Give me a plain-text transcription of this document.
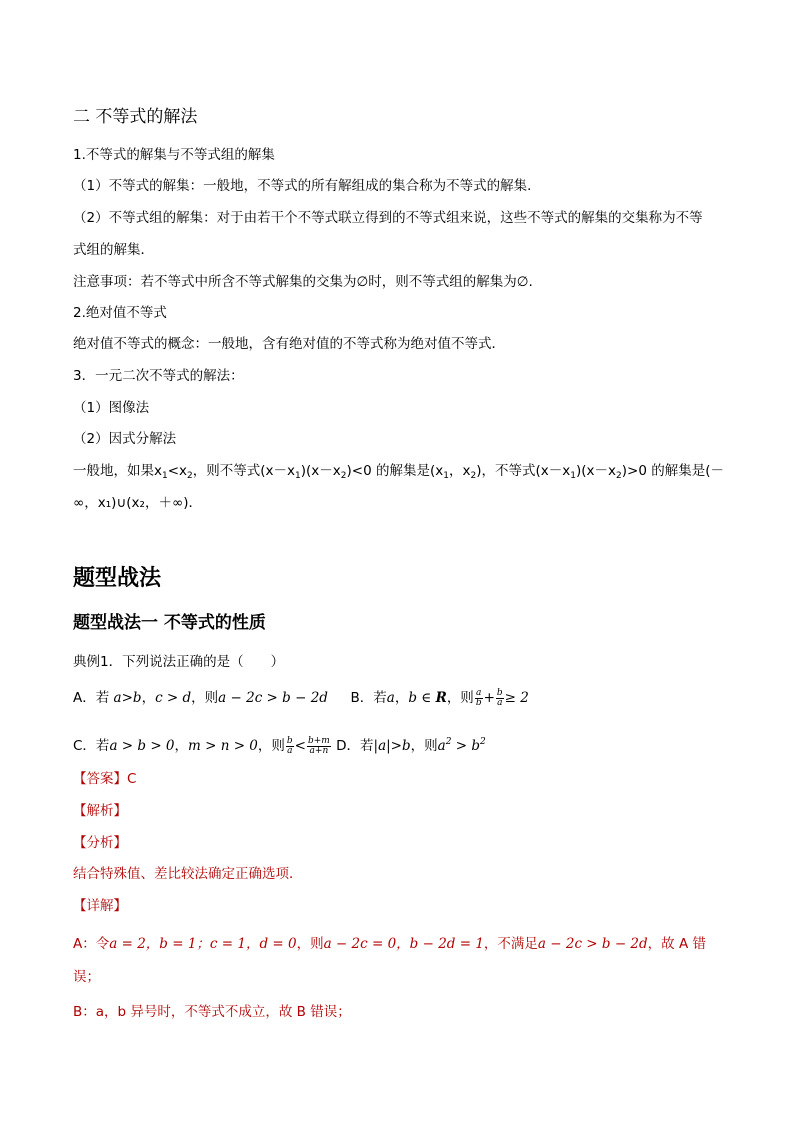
二 不等式的解法
1.不等式的解集与不等式组的解集
（1）不等式的解集：一般地，不等式的所有解组成的集合称为不等式的解集．
（2）不等式组的解集：对于由若干个不等式联立得到的不等式组来说，这些不等式的解集的交集称为不等
式组的解集．
注意事项：若不等式中所含不等式解集的交集为∅时，则不等式组的解集为∅.
2.绝对值不等式
绝对值不等式的概念：一般地，含有绝对值的不等式称为绝对值不等式．
3．一元二次不等式的解法：
（1）图像法
（2）因式分解法
一般地，如果$x_1<x_2$，则不等式$(x-x_1)(x-x_2)<0$ 的解集是($x_1$，$x_2$)，不等式$(x-x_1)(x-x_2)>0$ 的解集是(－
∞，x₁)∪(x₂，＋∞)．
题型战法
题型战法一 不等式的性质
典例1．下列说法正确的是（　　）
A．若 a>b，c > d，则a − 2c > b − 2d B．若a，b ∈ R，则 $\frac{a}{b} + \frac{b}{a} \ge 2$
C．若a > b > 0，m > n > 0，则 $\frac{b}{a} < \frac{b+m}{a+n}$ D．若|a|>b，则$a^2 > b^2$
【答案】C
【解析】
【分析】
结合特殊值、差比较法确定正确选项．
【详解】
A：令a = 2，b = 1；c = 1，d = 0，则a − 2c = 0，b − 2d = 1，不满足a − 2c > b − 2d，故 A 错
误；
B：a，b 异号时，不等式不成立，故 B 错误；
